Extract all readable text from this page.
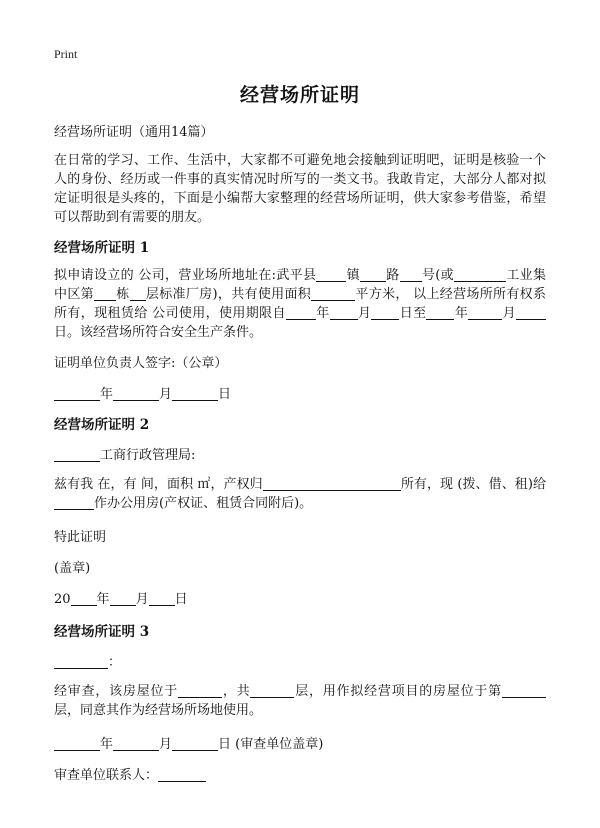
Print
经营场所证明
经营场所证明（通用14篇）
在日常的学习、工作、生活中，大家都不可避免地会接触到证明吧，证明是核验一个人的身份、经历或一件事的真实情况时所写的一类文书。我敢肯定，大部分人都对拟定证明很是头疼的，下面是小编帮大家整理的经营场所证明，供大家参考借鉴，希望可以帮助到有需要的朋友。
经营场所证明 1
拟申请设立的 公司，营业场所地址在:武平县 镇 路 号(或	工业集中区第 栋 层标准厂房)，共有使用面积	平方米， 以上经营场所所有权系 所有，现租赁给 公司使用，使用期限自 年 月 日至 年	月日。该经营场所符合安全生产条件。
证明单位负责人签字:（公章）
年	月	日
经营场所证明 2
工商行政管理局:
兹有我 在，有 间，面积 ㎡，产权归	所有，现 (拨、借、租)给作办公用房(产权证、租赁合同附后)。
特此证明
(盖章)
20 年 月 日
经营场所证明 3
：
经审查，该房屋位于	，共	层，用作拟经营项目的房屋位于第层，同意其作为经营场所场地使用。
年	月	日 (审查单位盖章)
审查单位联系人：
